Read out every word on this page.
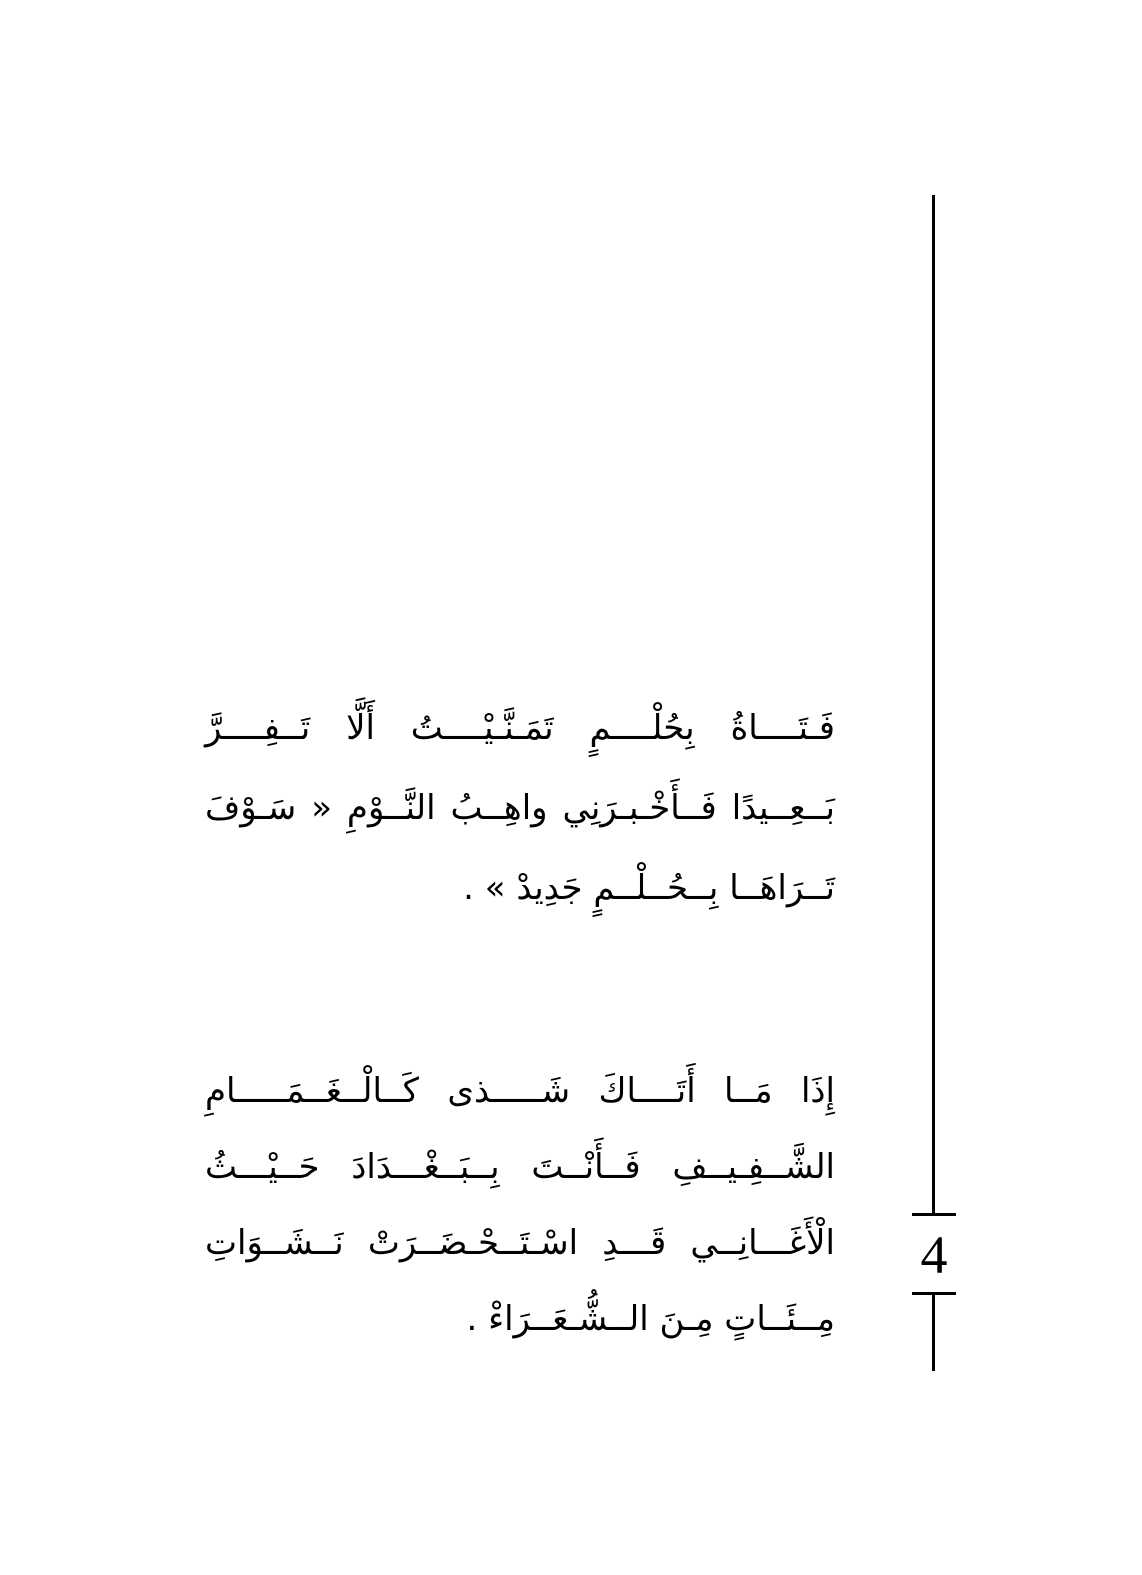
4
فَـتَــــاةُ بِحُلْــــمٍ تَمَـنَّـيْــــتُ أَلَّا تَــفِــــرَّ
بَــعِــيدًا فَــأَخْـبـرَنِي واهِــبُ النَّــوْمِ « سَـوْفَ
تَــرَاهَــا بِــحُــلْــمٍ جَدِيدْ » .
إِذَا مَــا أَتَــــاكَ شَـــــذى كَــالْــغَــمَـــــامِ
الشَّــفِـيــفِ فَــأَنْــتَ بِــبَــغْـــدَادَ حَــيْـــثُ
الْأَغَـــانِــي قَـــدِ اسْـتَــحْـضَــرَتْ نَــشَــوَاتِ
مِــئَــاتٍ مِـنَ الــشُّـعَــرَاءْ .
